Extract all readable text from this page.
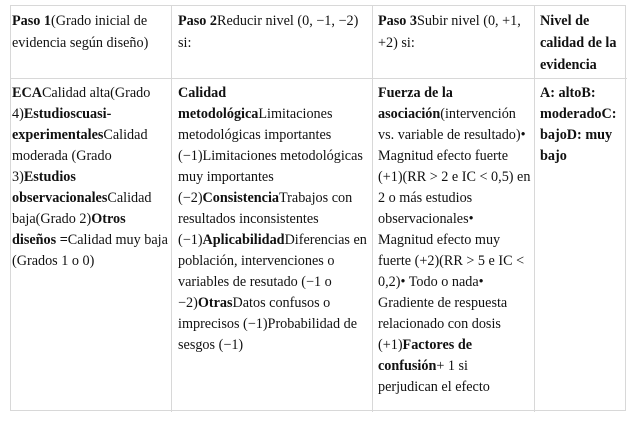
Paso 1(Grado inicial de evidencia según diseño)
Paso 2Reducir nivel (0, −1, −2) si:
Paso 3Subir nivel (0, +1, +2) si:
Nivel de calidad de la evidencia
ECACalidad alta(Grado 4)Estudioscuasi-experimentalesCalidad moderada (Grado 3)Estudios observacionalesCalidad baja(Grado 2)Otros diseños =Calidad muy baja (Grados 1 o 0)
Calidad metodológicaLimitaciones metodológicas importantes (−1)Limitaciones metodológicas muy importantes (−2)ConsistenciaTrabajos con resultados inconsistentes (−1)AplicabilidadDiferencias en población, intervenciones o variables de resutado (−1 o −2)OtrasDatos confusos o imprecisos (−1)Probabilidad de sesgos (−1)
Fuerza de la asociación(intervención vs. variable de resultado)• Magnitud efecto fuerte (+1)(RR > 2 e IC < 0,5) en 2 o más estudios observacionales• Magnitud efecto muy fuerte (+2)(RR > 5 e IC < 0,2)• Todo o nada• Gradiente de respuesta relacionado con dosis (+1)Factores de confusión+ 1 si perjudican el efecto
A: altoB: moderadoC: bajoD: muy bajo
